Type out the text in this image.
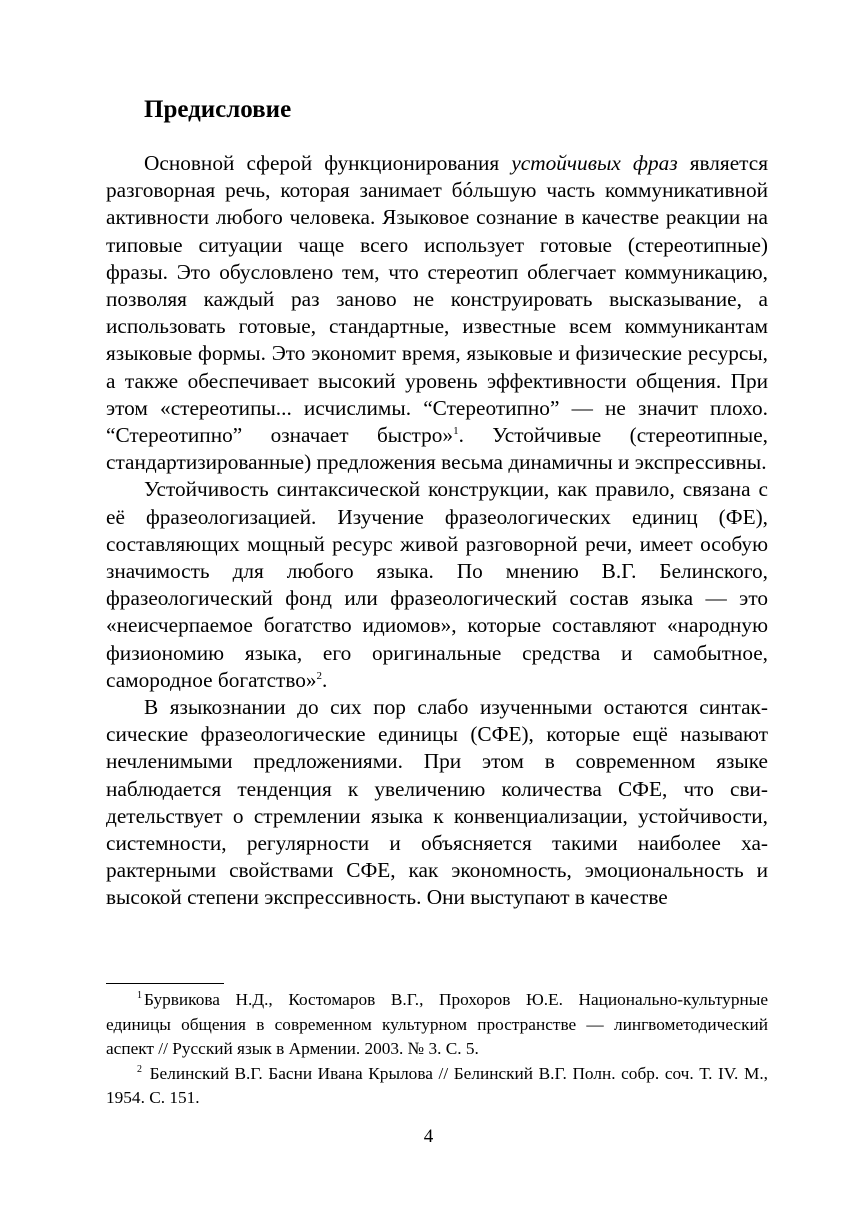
Предисловие

Основной сферой функционирования устойчивых фраз является разговорная речь, которая занимает бóльшую часть коммуникативной активности любого человека. Языковое сознание в качестве реакции на типовые ситуации чаще всего использует готовые (стереотипные) фразы. Это обусловлено тем, что стереотип облегчает коммуникацию, позволяя каждый раз заново не конструировать высказывание, а использовать готовые, стандартные, известные всем коммуникантам языковые формы. Это экономит время, языковые и физические ресурсы, а также обеспечивает высокий уровень эффективности общения. При этом «стереотипы... исчислимы. “Стереотипно” — не значит плохо. “Стереотипно” означает быстро»$^1$. Устойчивые (стереотипные, стандартизированные) предложения весьма динамичны и экспрессивны.

Устойчивость синтаксической конструкции, как правило, связана с её фразеологизацией. Изучение фразеологических единиц (ФЕ), составляющих мощный ресурс живой разговорной речи, имеет особую значимость для любого языка. По мнению В.Г. Белинского, фразеологический фонд или фразеологический состав языка — это «неисчерпаемое богатство идиомов», которые составляют «народную физиономию языка, его оригинальные средства и самобытное, самородное богатство»$^2$.

В языкознании до сих пор слабо изученными остаются синтаксические фразеологические единицы (СФЕ), которые ещё называют нечленимыми предложениями. При этом в современном языке наблюдается тенденция к увеличению количества СФЕ, что свидетельствует о стремлении языка к конвенциализации, устойчивости, системности, регулярности и объясняется такими наиболее характерными свойствами СФЕ, как экономность, эмоциональность и высокой степени экспрессивность. Они выступают в качестве

$^1$ Бурвикова Н.Д., Костомаров В.Г., Прохоров Ю.Е. Национально-культурные единицы общения в современном культурном пространстве — лингвометодический аспект // Русский язык в Армении. 2003. № 3. С. 5.

$^2$ Белинский В.Г. Басни Ивана Крылова // Белинский В.Г. Полн. собр. соч. Т. IV. М., 1954. С. 151.

4
